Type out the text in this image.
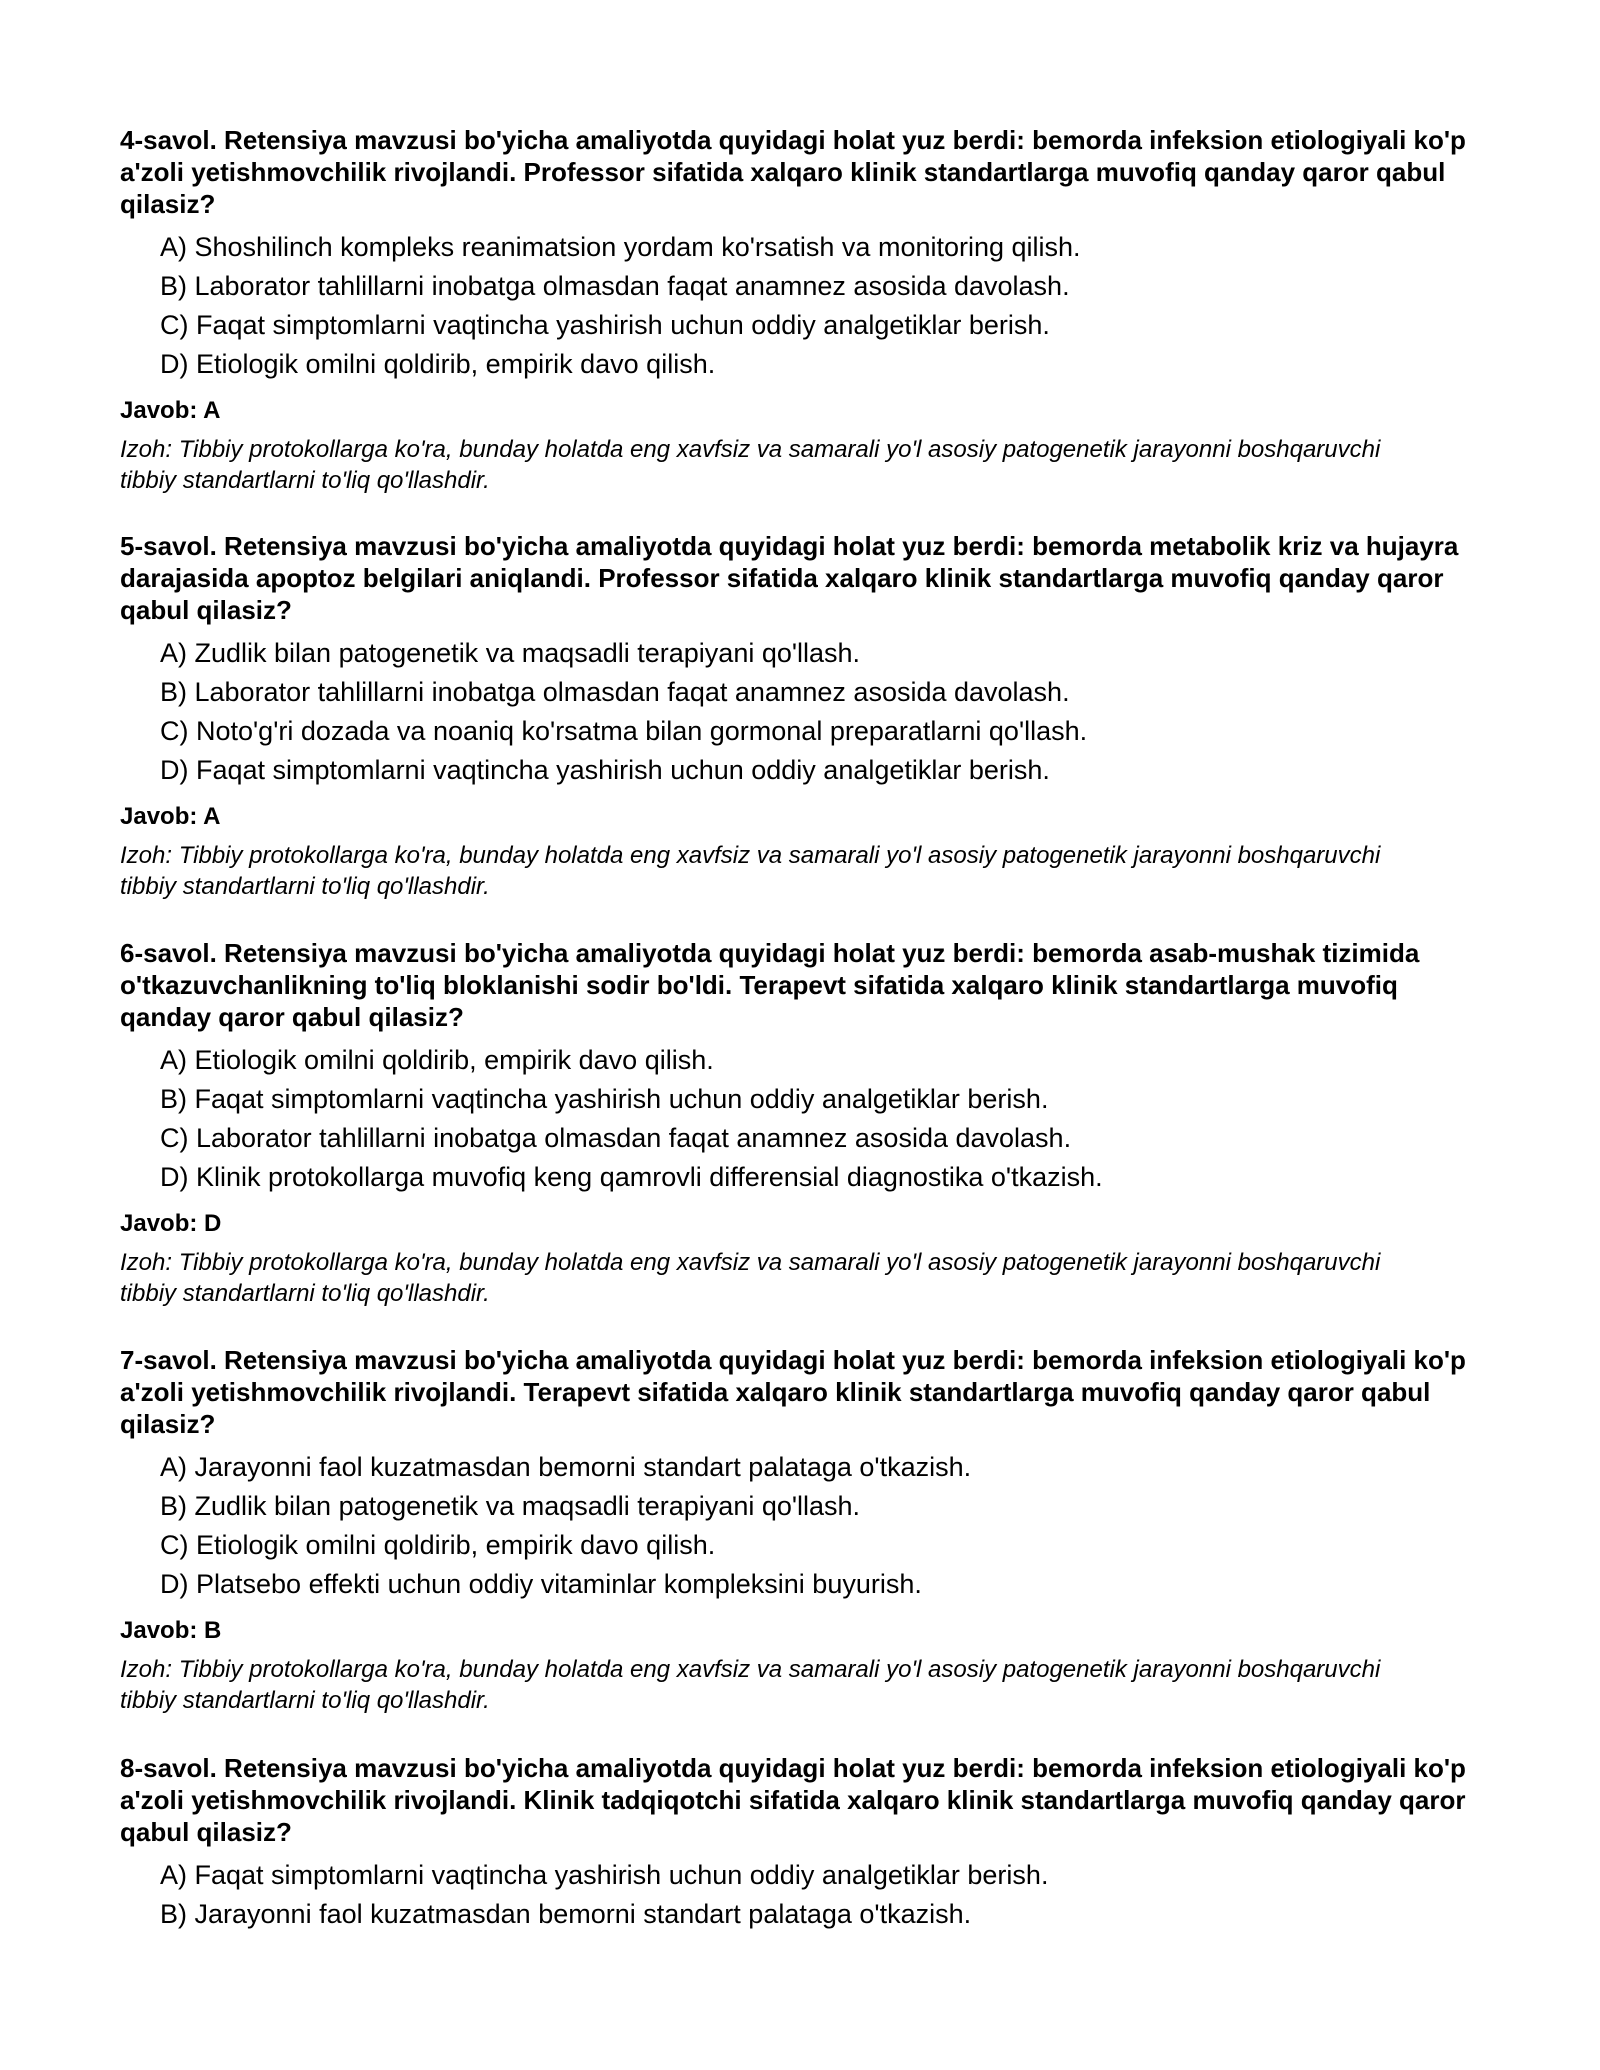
4-savol. Retensiya mavzusi bo'yicha amaliyotda quyidagi holat yuz berdi: bemorda infeksion etiologiyali ko'p a'zoli yetishmovchilik rivojlandi. Professor sifatida xalqaro klinik standartlarga muvofiq qanday qaror qabul qilasiz?

A) Shoshilinch kompleks reanimatsion yordam ko'rsatish va monitoring qilish.
B) Laborator tahlillarni inobatga olmasdan faqat anamnez asosida davolash.
C) Faqat simptomlarni vaqtincha yashirish uchun oddiy analgetiklar berish.
D) Etiologik omilni qoldirib, empirik davo qilish.

Javob: A

Izoh: Tibbiy protokollarga ko'ra, bunday holatda eng xavfsiz va samarali yo'l asosiy patogenetik jarayonni boshqaruvchi tibbiy standartlarni to'liq qo'llashdir.

5-savol. Retensiya mavzusi bo'yicha amaliyotda quyidagi holat yuz berdi: bemorda metabolik kriz va hujayra darajasida apoptoz belgilari aniqlandi. Professor sifatida xalqaro klinik standartlarga muvofiq qanday qaror qabul qilasiz?

A) Zudlik bilan patogenetik va maqsadli terapiyani qo'llash.
B) Laborator tahlillarni inobatga olmasdan faqat anamnez asosida davolash.
C) Noto'g'ri dozada va noaniq ko'rsatma bilan gormonal preparatlarni qo'llash.
D) Faqat simptomlarni vaqtincha yashirish uchun oddiy analgetiklar berish.

Javob: A

Izoh: Tibbiy protokollarga ko'ra, bunday holatda eng xavfsiz va samarali yo'l asosiy patogenetik jarayonni boshqaruvchi tibbiy standartlarni to'liq qo'llashdir.

6-savol. Retensiya mavzusi bo'yicha amaliyotda quyidagi holat yuz berdi: bemorda asab-mushak tizimida o'tkazuvchanlikning to'liq bloklanishi sodir bo'ldi. Terapevt sifatida xalqaro klinik standartlarga muvofiq qanday qaror qabul qilasiz?

A) Etiologik omilni qoldirib, empirik davo qilish.
B) Faqat simptomlarni vaqtincha yashirish uchun oddiy analgetiklar berish.
C) Laborator tahlillarni inobatga olmasdan faqat anamnez asosida davolash.
D) Klinik protokollarga muvofiq keng qamrovli differensial diagnostika o'tkazish.

Javob: D

Izoh: Tibbiy protokollarga ko'ra, bunday holatda eng xavfsiz va samarali yo'l asosiy patogenetik jarayonni boshqaruvchi tibbiy standartlarni to'liq qo'llashdir.

7-savol. Retensiya mavzusi bo'yicha amaliyotda quyidagi holat yuz berdi: bemorda infeksion etiologiyali ko'p a'zoli yetishmovchilik rivojlandi. Terapevt sifatida xalqaro klinik standartlarga muvofiq qanday qaror qabul qilasiz?

A) Jarayonni faol kuzatmasdan bemorni standart palataga o'tkazish.
B) Zudlik bilan patogenetik va maqsadli terapiyani qo'llash.
C) Etiologik omilni qoldirib, empirik davo qilish.
D) Platsebo effekti uchun oddiy vitaminlar kompleksini buyurish.

Javob: B

Izoh: Tibbiy protokollarga ko'ra, bunday holatda eng xavfsiz va samarali yo'l asosiy patogenetik jarayonni boshqaruvchi tibbiy standartlarni to'liq qo'llashdir.

8-savol. Retensiya mavzusi bo'yicha amaliyotda quyidagi holat yuz berdi: bemorda infeksion etiologiyali ko'p a'zoli yetishmovchilik rivojlandi. Klinik tadqiqotchi sifatida xalqaro klinik standartlarga muvofiq qanday qaror qabul qilasiz?

A) Faqat simptomlarni vaqtincha yashirish uchun oddiy analgetiklar berish.
B) Jarayonni faol kuzatmasdan bemorni standart palataga o'tkazish.
